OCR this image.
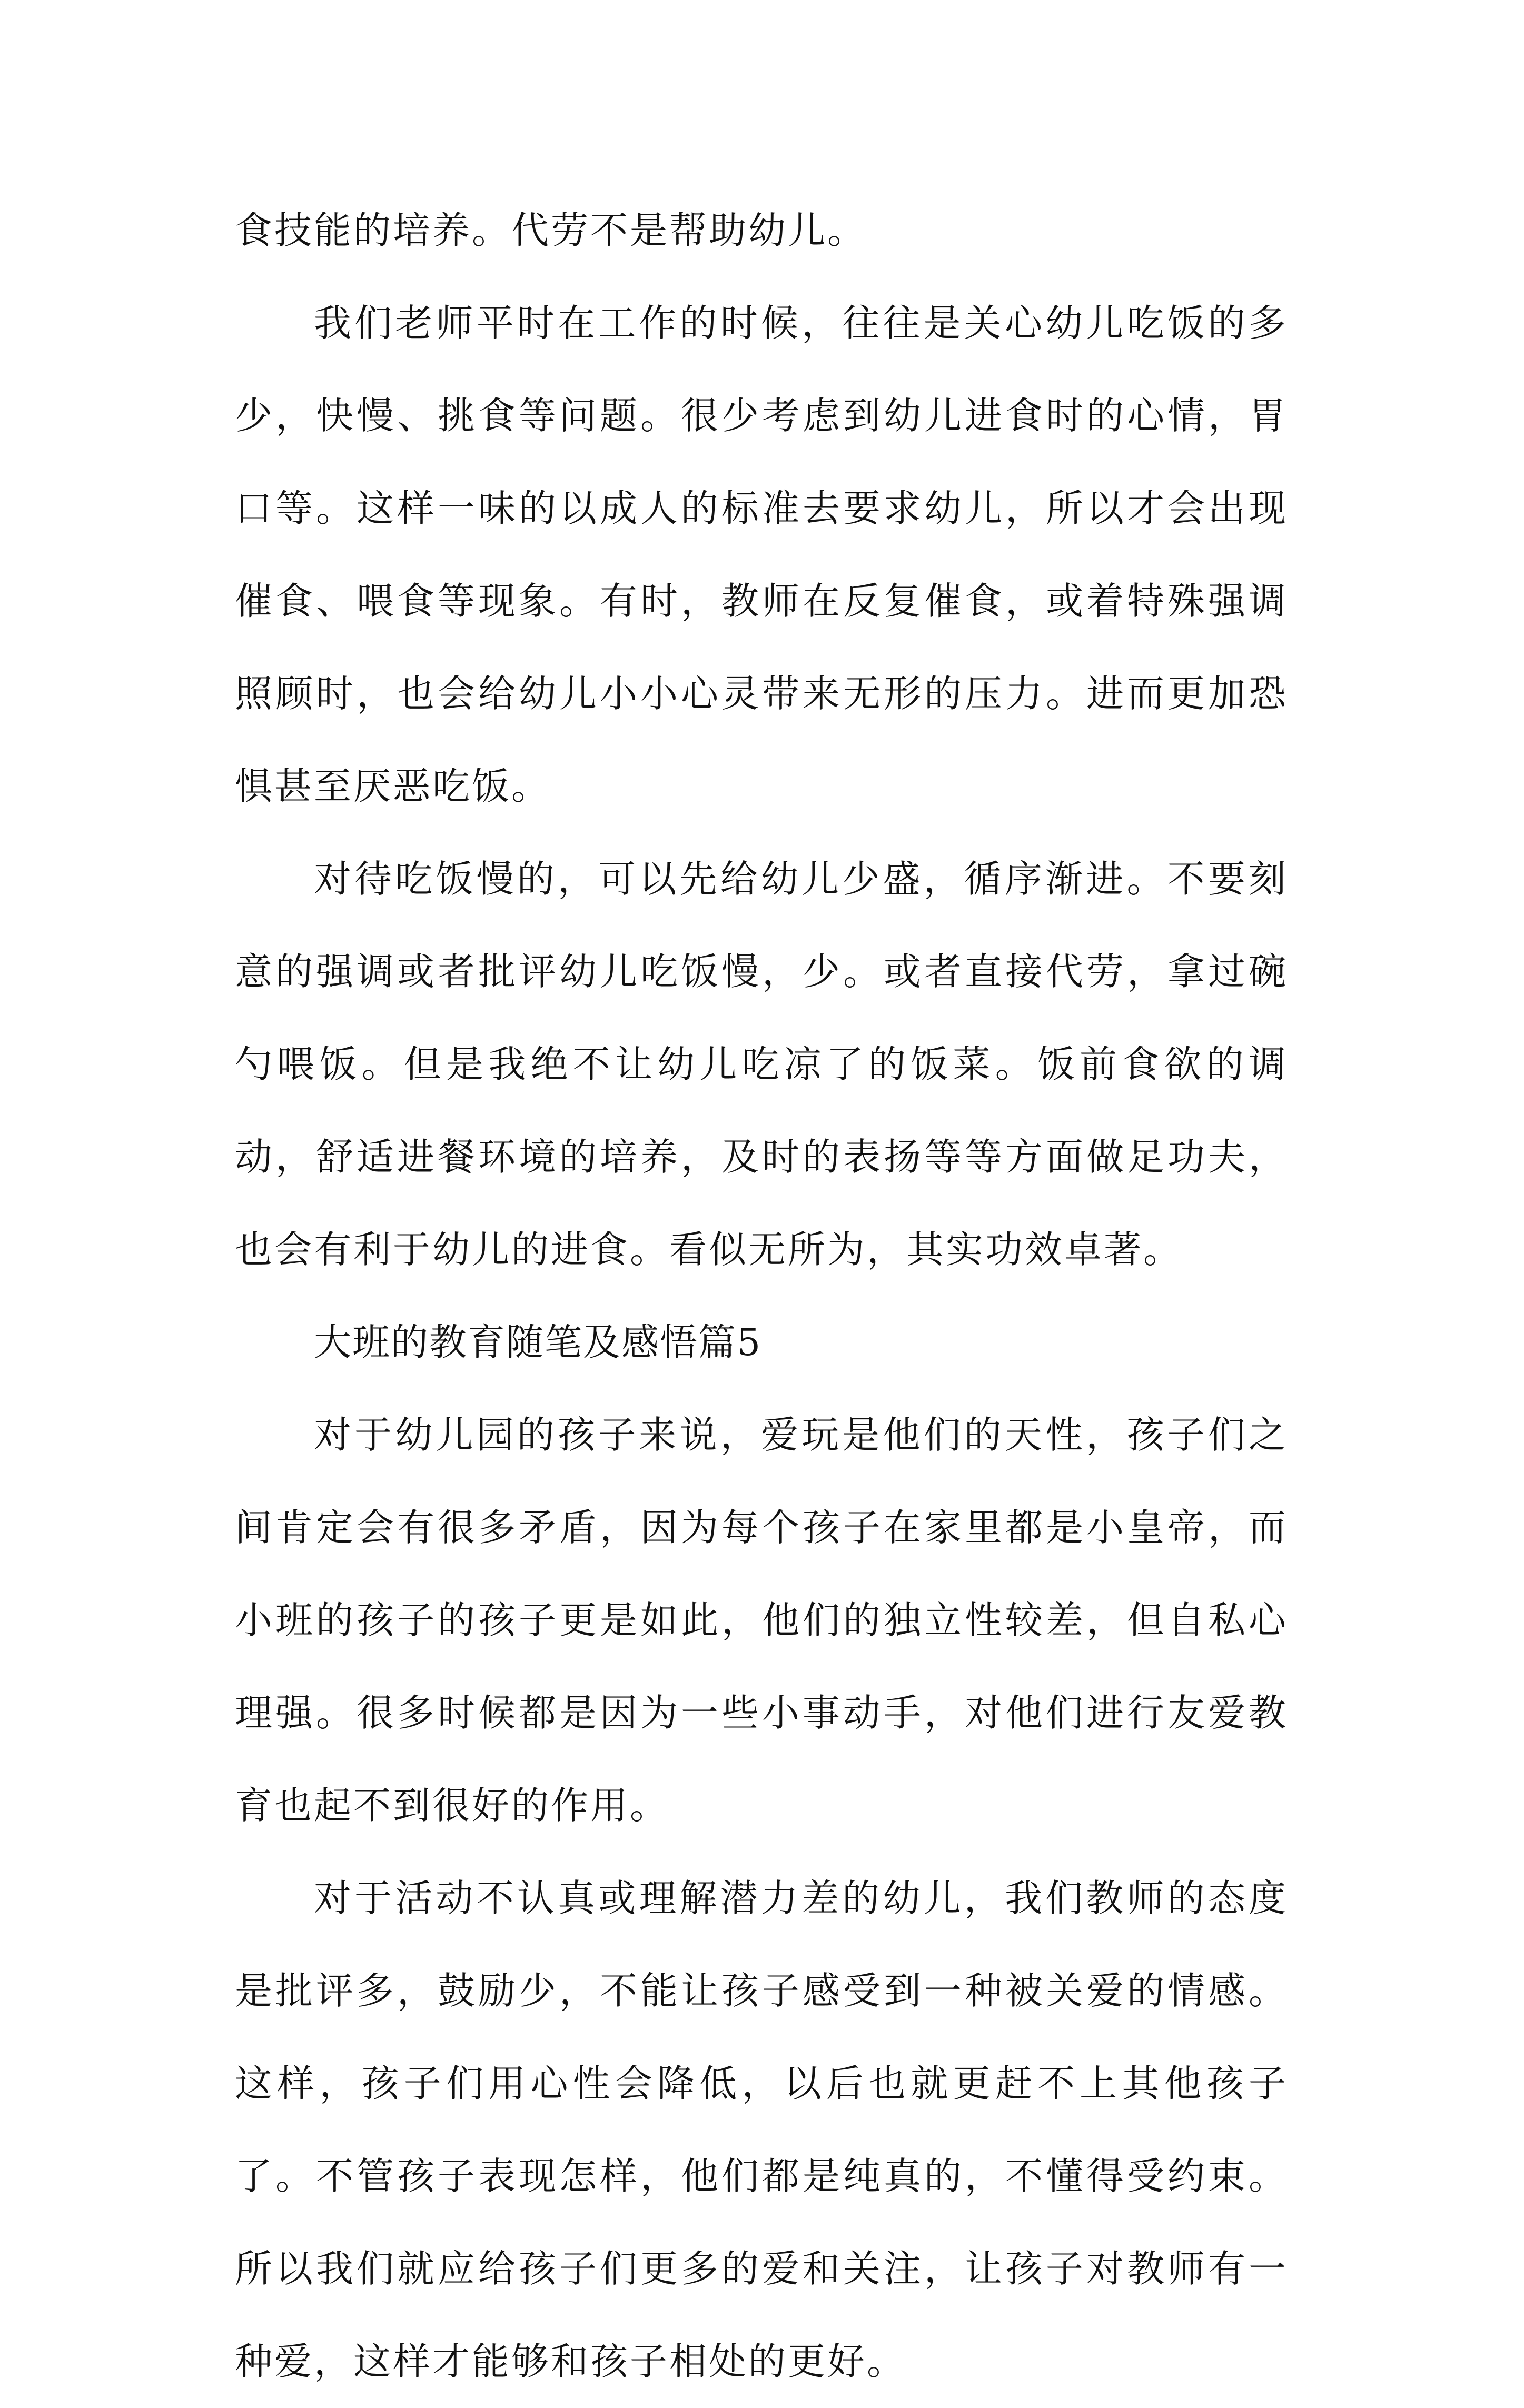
食技能的培养。代劳不是帮助幼儿。

我们老师平时在工作的时候，往往是关心幼儿吃饭的多少，快慢、挑食等问题。很少考虑到幼儿进食时的心情，胃口等。这样一味的以成人的标准去要求幼儿，所以才会出现催食、喂食等现象。有时，教师在反复催食，或着特殊强调照顾时，也会给幼儿小小心灵带来无形的压力。进而更加恐惧甚至厌恶吃饭。

对待吃饭慢的，可以先给幼儿少盛，循序渐进。不要刻意的强调或者批评幼儿吃饭慢，少。或者直接代劳，拿过碗勺喂饭。但是我绝不让幼儿吃凉了的饭菜。饭前食欲的调动，舒适进餐环境的培养，及时的表扬等等方面做足功夫，也会有利于幼儿的进食。看似无所为，其实功效卓著。

大班的教育随笔及感悟篇5

对于幼儿园的孩子来说，爱玩是他们的天性，孩子们之间肯定会有很多矛盾，因为每个孩子在家里都是小皇帝，而小班的孩子的孩子更是如此，他们的独立性较差，但自私心理强。很多时候都是因为一些小事动手，对他们进行友爱教育也起不到很好的作用。

对于活动不认真或理解潜力差的幼儿，我们教师的态度是批评多，鼓励少，不能让孩子感受到一种被关爱的情感。这样，孩子们用心性会降低，以后也就更赶不上其他孩子了。不管孩子表现怎样，他们都是纯真的，不懂得受约束。所以我们就应给孩子们更多的爱和关注，让孩子对教师有一种爱，这样才能够和孩子相处的更好。
